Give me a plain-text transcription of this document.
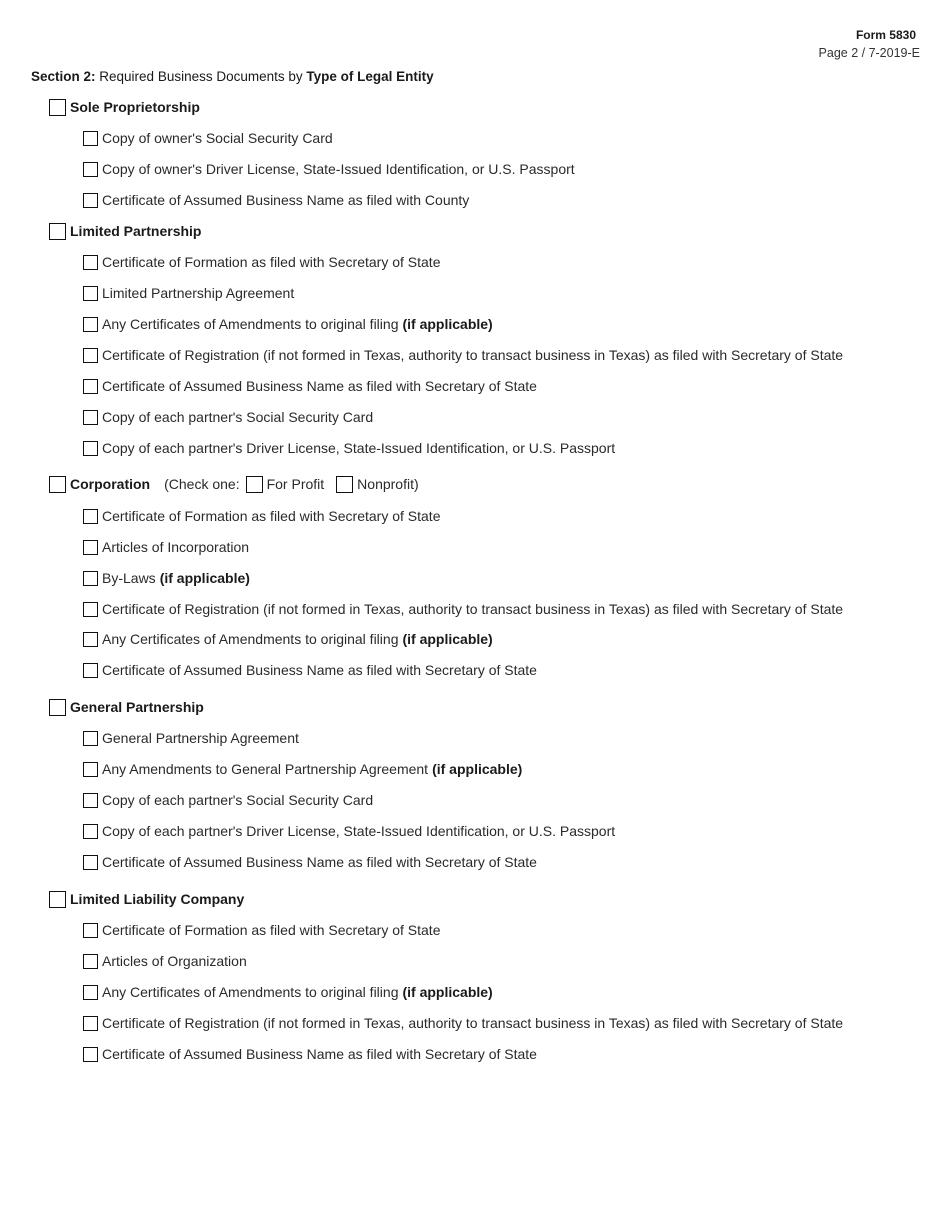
Form 5830
Page 2 / 7-2019-E
Section 2: Required Business Documents by Type of Legal Entity
Sole Proprietorship
Copy of owner's Social Security Card
Copy of owner's Driver License, State-Issued Identification, or U.S. Passport
Certificate of Assumed Business Name as filed with County
Limited Partnership
Certificate of Formation as filed with Secretary of State
Limited Partnership Agreement
Any Certificates of Amendments to original filing (if applicable)
Certificate of Registration (if not formed in Texas, authority to transact business in Texas) as filed with Secretary of State
Certificate of Assumed Business Name as filed with Secretary of State
Copy of each partner's Social Security Card
Copy of each partner's Driver License, State-Issued Identification, or U.S. Passport
Corporation (Check one: For Profit Nonprofit)
Certificate of Formation as filed with Secretary of State
Articles of Incorporation
By-Laws (if applicable)
Certificate of Registration (if not formed in Texas, authority to transact business in Texas) as filed with Secretary of State
Any Certificates of Amendments to original filing (if applicable)
Certificate of Assumed Business Name as filed with Secretary of State
General Partnership
General Partnership Agreement
Any Amendments to General Partnership Agreement (if applicable)
Copy of each partner's Social Security Card
Copy of each partner's Driver License, State-Issued Identification, or U.S. Passport
Certificate of Assumed Business Name as filed with Secretary of State
Limited Liability Company
Certificate of Formation as filed with Secretary of State
Articles of Organization
Any Certificates of Amendments to original filing (if applicable)
Certificate of Registration (if not formed in Texas, authority to transact business in Texas) as filed with Secretary of State
Certificate of Assumed Business Name as filed with Secretary of State
